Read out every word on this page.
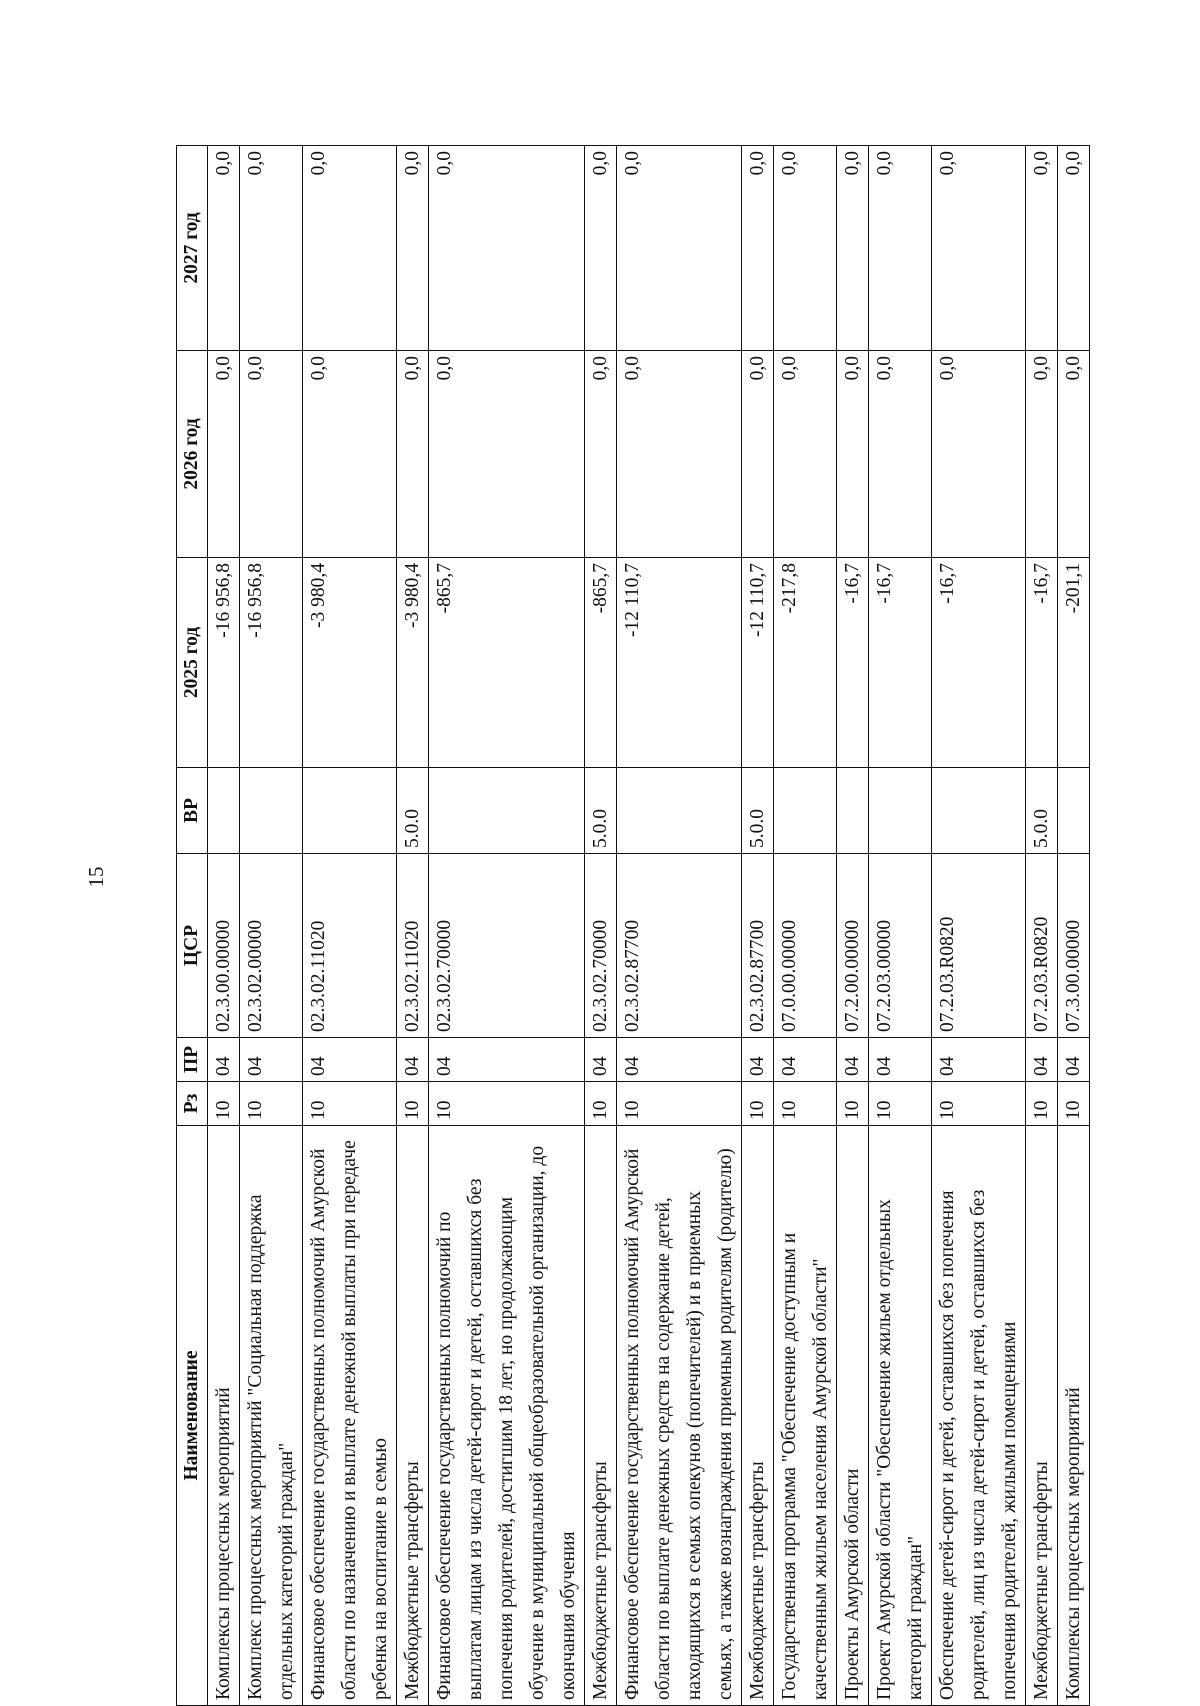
15
Наименование	Рз	ПР	ЦСР	ВР	2025 год	2026 год	2027 год
Комплексы процессных мероприятий	10	04	02.3.00.00000		-16 956,8	0,0	0,0
Комплекс процессных мероприятий "Социальная поддержка отдельных категорий граждан"	10	04	02.3.02.00000		-16 956,8	0,0	0,0
Финансовое обеспечение государственных полномочий Амурской области по назначению и выплате денежной выплаты при передаче ребенка на воспитание в семью	10	04	02.3.02.11020		-3 980,4	0,0	0,0
Межбюджетные трансферты	10	04	02.3.02.11020	5.0.0	-3 980,4	0,0	0,0
Финансовое обеспечение государственных полномочий по выплатам лицам из числа детей-сирот и детей, оставшихся без попечения родителей, достигшим 18 лет, но продолжающим обучение в муниципальной общеобразовательной организации, до окончания обучения	10	04	02.3.02.70000		-865,7	0,0	0,0
Межбюджетные трансферты	10	04	02.3.02.70000	5.0.0	-865,7	0,0	0,0
Финансовое обеспечение государственных полномочий Амурской области по выплате денежных средств на содержание детей, находящихся в семьях опекунов (попечителей) и в приемных семьях, а также вознаграждения приемным родителям (родителю)	10	04	02.3.02.87700		-12 110,7	0,0	0,0
Межбюджетные трансферты	10	04	02.3.02.87700	5.0.0	-12 110,7	0,0	0,0
Государственная программа "Обеспечение доступным и качественным жильем населения Амурской области"	10	04	07.0.00.00000		-217,8	0,0	0,0
Проекты Амурской области	10	04	07.2.00.00000		-16,7	0,0	0,0
Проект Амурской области "Обеспечение жильем отдельных категорий граждан"	10	04	07.2.03.00000		-16,7	0,0	0,0
Обеспечение детей-сирот и детей, оставшихся без попечения родителей, лиц из числа детей-сирот и детей, оставшихся без попечения родителей, жилыми помещениями	10	04	07.2.03.R0820		-16,7	0,0	0,0
Межбюджетные трансферты	10	04	07.2.03.R0820	5.0.0	-16,7	0,0	0,0
Комплексы процессных мероприятий	10	04	07.3.00.00000		-201,1	0,0	0,0
